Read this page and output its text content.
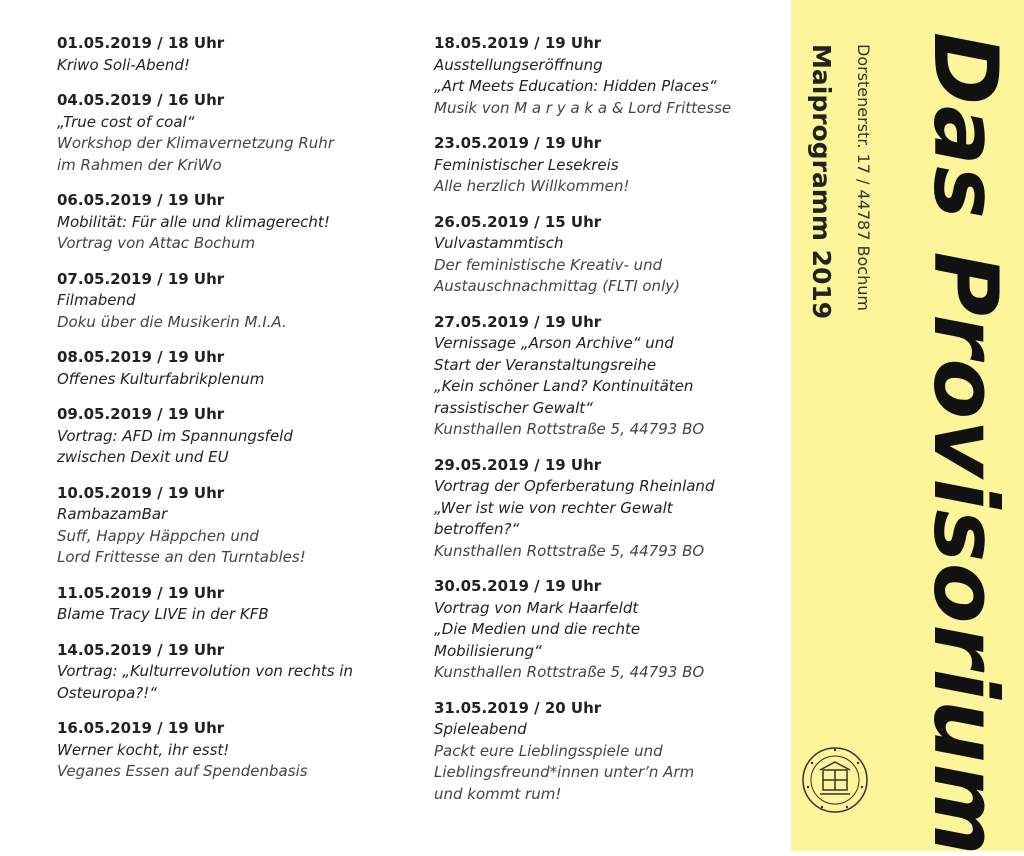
01.05.2019 / 18 Uhr
Kriwo Soli-Abend!
04.05.2019 / 16 Uhr
„True cost of coal“
Workshop der Klimavernetzung Ruhr
im Rahmen der KriWo
06.05.2019 / 19 Uhr
Mobilität: Für alle und klimagerecht!
Vortrag von Attac Bochum
07.05.2019 / 19 Uhr
Filmabend
Doku über die Musikerin M.I.A.
08.05.2019 / 19 Uhr
Offenes Kulturfabrikplenum
09.05.2019 / 19 Uhr
Vortrag: AFD im Spannungsfeld
zwischen Dexit und EU
10.05.2019 / 19 Uhr
RambazamBar
Suff, Happy Häppchen und
Lord Frittesse an den Turntables!
11.05.2019 / 19 Uhr
Blame Tracy LIVE in der KFB
14.05.2019 / 19 Uhr
Vortrag: „Kulturrevolution von rechts in
Osteuropa?!“
16.05.2019 / 19 Uhr
Werner kocht, ihr esst!
Veganes Essen auf Spendenbasis
18.05.2019 / 19 Uhr
Ausstellungseröffnung
„Art Meets Education: Hidden Places“
Musik von M a r y a k a & Lord Frittesse
23.05.2019 / 19 Uhr
Feministischer Lesekreis
Alle herzlich Willkommen!
26.05.2019 / 15 Uhr
Vulvastammtisch
Der feministische Kreativ- und
Austauschnachmittag (FLTI only)
27.05.2019 / 19 Uhr
Vernissage „Arson Archive“ und
Start der Veranstaltungsreihe
„Kein schöner Land? Kontinuitäten
rassistischer Gewalt“
Kunsthallen Rottstraße 5, 44793 BO
29.05.2019 / 19 Uhr
Vortrag der Opferberatung Rheinland
„Wer ist wie von rechter Gewalt
betroffen?“
Kunsthallen Rottstraße 5, 44793 BO
30.05.2019 / 19 Uhr
Vortrag von Mark Haarfeldt
„Die Medien und die rechte
Mobilisierung“
Kunsthallen Rottstraße 5, 44793 BO
31.05.2019 / 20 Uhr
Spieleabend
Packt eure Lieblingsspiele und
Lieblingsfreund*innen unter’n Arm
und kommt rum!
Maiprogramm 2019 Dorstenerstr. 17 / 44787 Bochum Das Provisorium
